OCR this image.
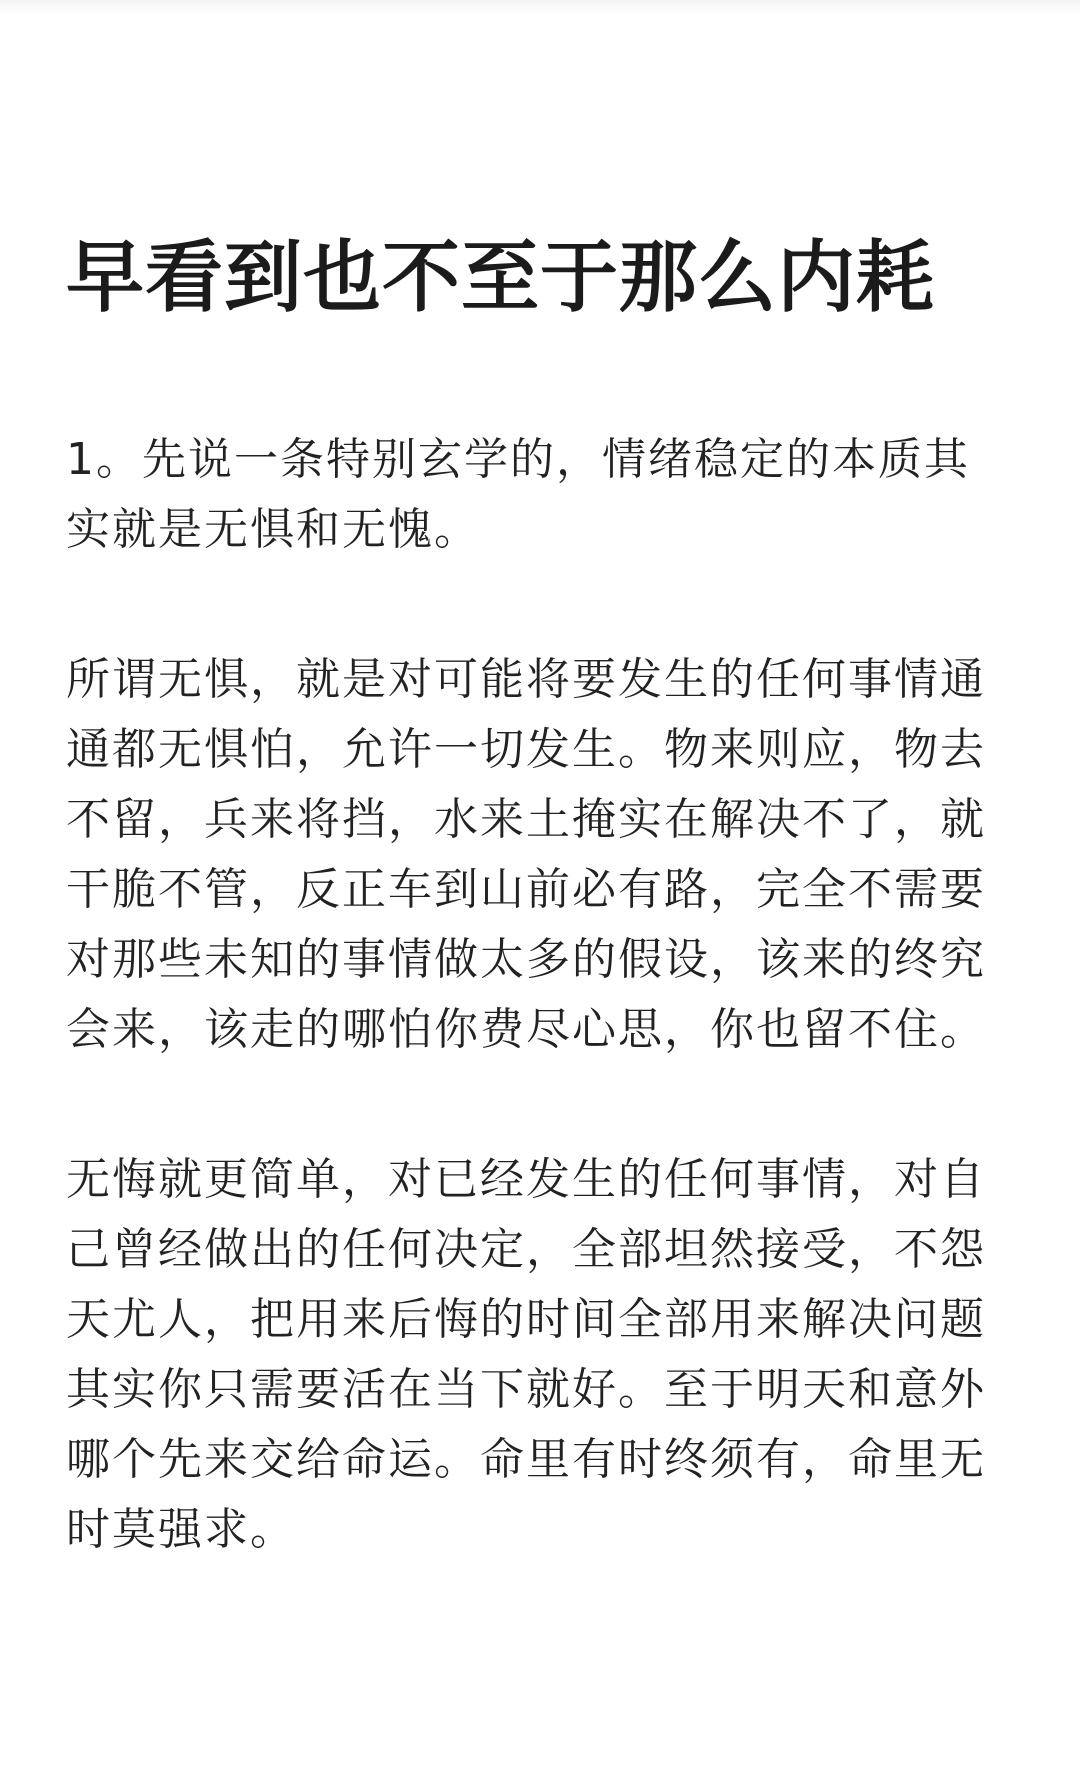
早看到也不至于那么内耗

1。先说一条特别玄学的，情绪稳定的本质其
实就是无惧和无愧。

所谓无惧，就是对可能将要发生的任何事情通
通都无惧怕，允许一切发生。物来则应，物去
不留，兵来将挡，水来土掩实在解决不了，就
干脆不管，反正车到山前必有路，完全不需要
对那些未知的事情做太多的假设，该来的终究
会来，该走的哪怕你费尽心思，你也留不住。

无悔就更简单，对已经发生的任何事情，对自
己曾经做出的任何决定，全部坦然接受，不怨
天尤人，把用来后悔的时间全部用来解决问题
其实你只需要活在当下就好。至于明天和意外
哪个先来交给命运。命里有时终须有，命里无
时莫强求。
